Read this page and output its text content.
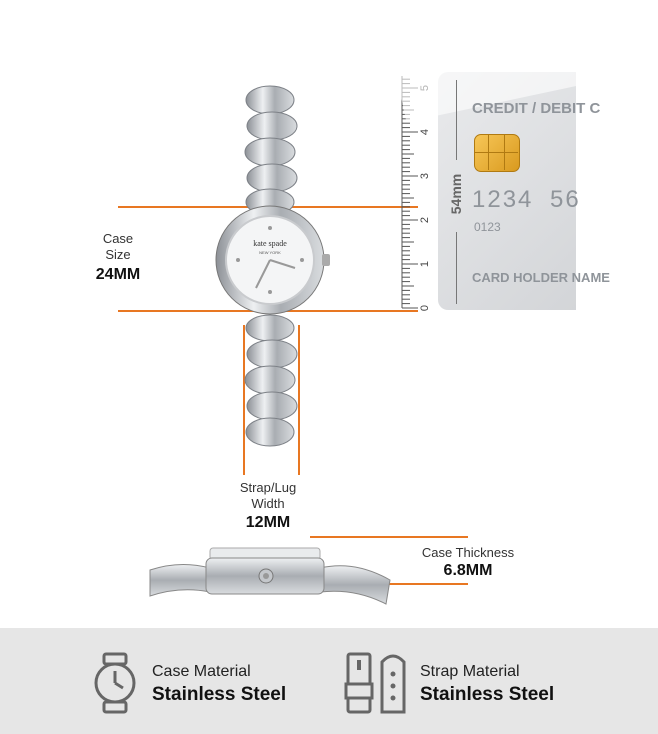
kate spade
NEW YORK
0
1
2
3
4
CREDIT / DEBIT C
1234 56
0123
CARD HOLDER NAME
54mm
Case
Size
24MM
Strap/Lug
Width
12MM
Case Thickness
6.8MM
Case Material
Stainless Steel
Strap Material
Stainless Steel
